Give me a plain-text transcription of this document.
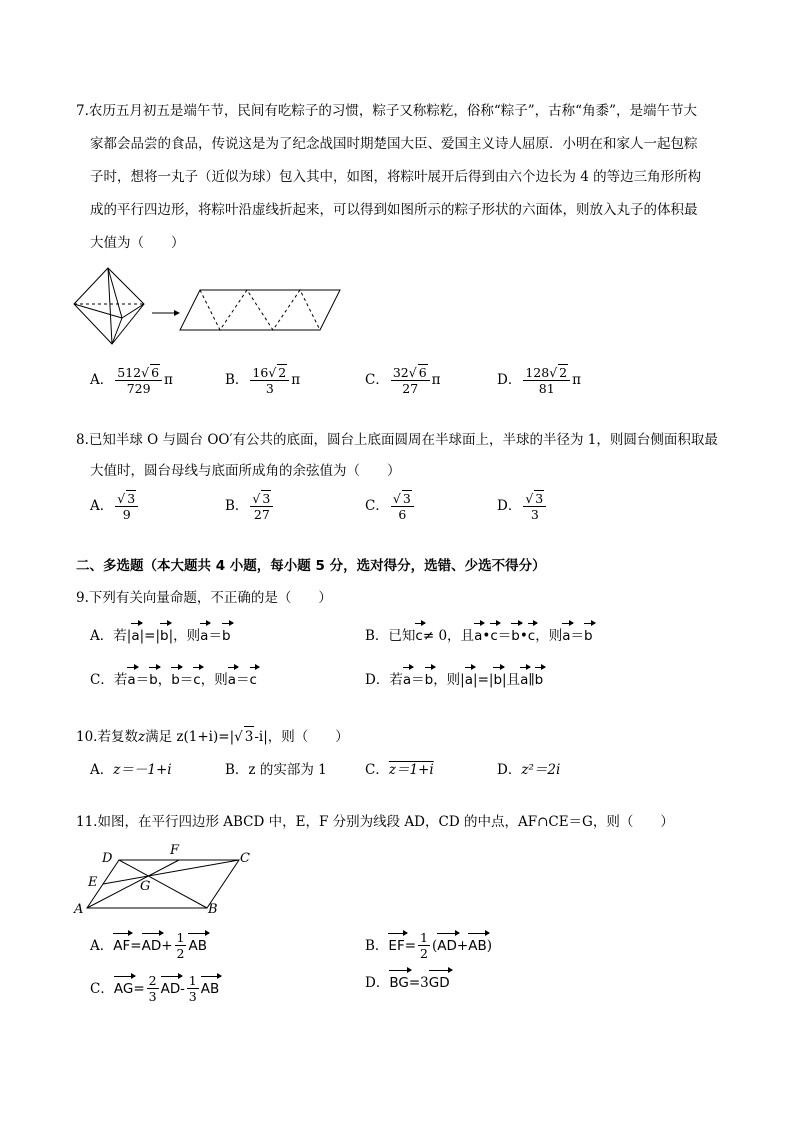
7.农历五月初五是端午节，民间有吃粽子的习惯，粽子又称粽籺，俗称“粽子”，古称“角黍”，是端午节大
家都会品尝的食品，传说这是为了纪念战国时期楚国大臣、爱国主义诗人屈原．小明在和家人一起包粽
子时，想将一丸子（近似为球）包入其中，如图，将粽叶展开后得到由六个边长为 4 的等边三角形所构
成的平行四边形，将粽叶沿虚线折起来，可以得到如图所示的粽子形状的六面体，则放入丸子的体积最
大值为（　　）
A． $\frac{512√ 6}{729}$ π	B． $\frac{16√ 2}{3}$ π	C． $\frac{32√ 6}{27}$ π	D． $\frac{128√ 2}{81}$ π
8.已知半球 O 与圆台 OO′有公共的底面，圆台上底面圆周在半球面上，半球的半径为 1，则圆台侧面积取最
大值时，圆台母线与底面所成角的余弦值为（　　）
A． $\frac{√ 3}{9}$	B． $\frac{√ 3}{27}$	C． $\frac{√ 3}{6}$	D． $\frac{√ 3}{3}$
二、多选题（本大题共 4 小题，每小题 5 分，选对得分，选错、少选不得分）
9.下列有关向量命题，不正确的是（　　）
A． 若| a |=| b |，则 a ＝ b	B． 已知 c ≠ 0，且 a • c ＝ b • c ，则 a ＝ b
C． 若 a ＝ b ， b ＝ c ，则 a ＝ c	D． 若 a ＝ b ，则| a |=| b |且 a ∥ b
10.若复数 z 满足 z(1+i)=| √ 3 -i|，则（　　）
A． z＝－1+i	B． z 的实部为 1	C． z＝1+i	D． z²＝2i
11.如图，在平行四边形 ABCD 中，E，F 分别为线段 AD，CD 的中点，AF∩CE＝G，则（　　）
A	B
C
D
E
F
G
A． AF = AD + $\frac{1}{2}$ AB	B． EF = $\frac{1}{2}$ ( AD + AB )
C． AG = $\frac{2}{3}$ AD - $\frac{1}{3}$ AB	D． BG =3 GD
